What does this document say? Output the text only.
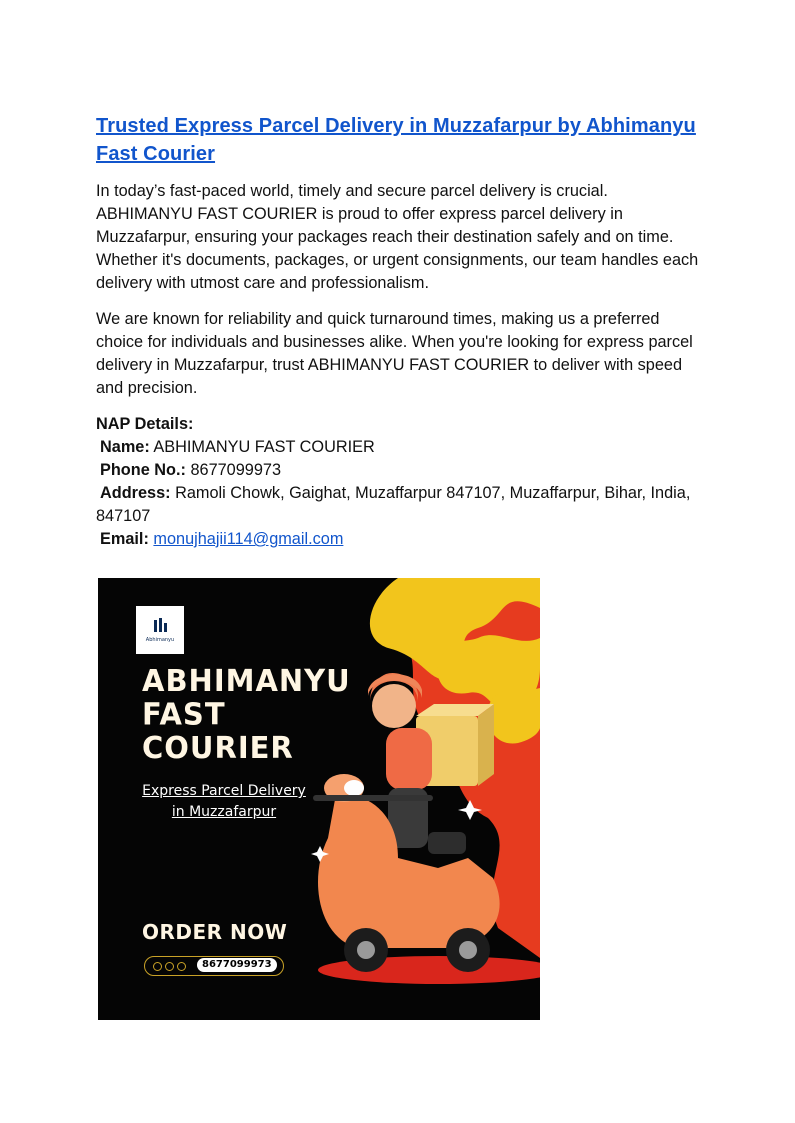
Trusted Express Parcel Delivery in Muzzafarpur by Abhimanyu Fast Courier

In today’s fast-paced world, timely and secure parcel delivery is crucial. ABHIMANYU FAST COURIER is proud to offer express parcel delivery in Muzzafarpur, ensuring your packages reach their destination safely and on time. Whether it's documents, packages, or urgent consignments, our team handles each delivery with utmost care and professionalism.

We are known for reliability and quick turnaround times, making us a preferred choice for individuals and businesses alike. When you're looking for express parcel delivery in Muzzafarpur, trust ABHIMANYU FAST COURIER to deliver with speed and precision.

NAP Details:
Name: ABHIMANYU FAST COURIER
Phone No.: 8677099973
Address: Ramoli Chowk, Gaighat, Muzaffarpur 847107, Muzaffarpur, Bihar, India, 847107
Email: monujhajii114@gmail.com
Abhimanyu
ABHIMANYU
FAST
COURIER
Express Parcel Delivery
in Muzzafarpur
ORDER NOW
8677099973
